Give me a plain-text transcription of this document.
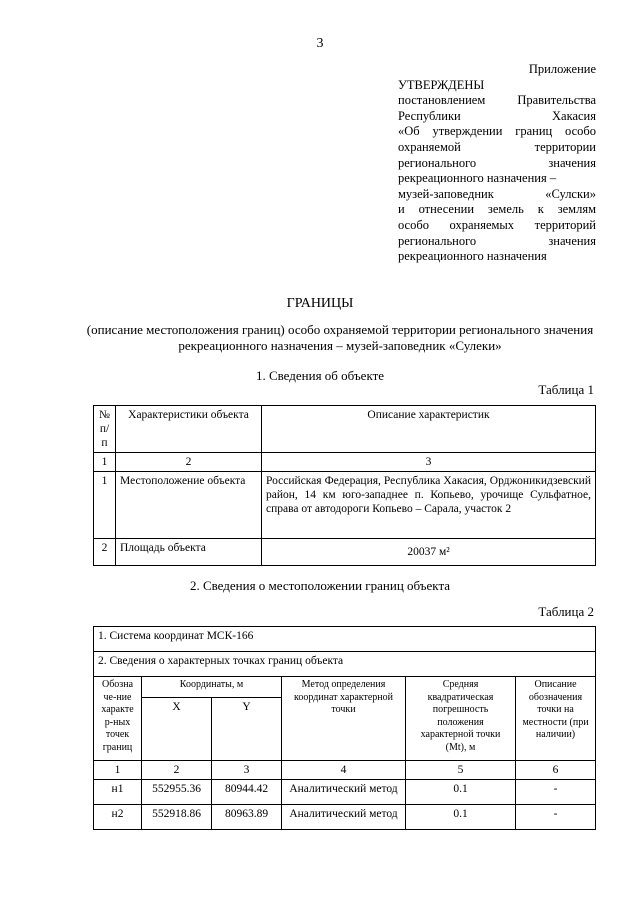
3
Приложение
УТВЕРЖДЕНЫ
постановлением Правительства
Республики Хакасия
«Об утверждении границ особо
охраняемой территории
регионального значения
рекреационного назначения –
музей-заповедник «Сулски»
и отнесении земель к землям
особо охраняемых территорий
регионального значения
рекреационного назначения
ГРАНИЦЫ
(описание местоположения границ) особо охраняемой территории регионального значения рекреационного назначения – музей-заповедник «Сулеки»
1. Сведения об объекте
Таблица 1
№ п/п	Характеристики объекта	Описание характеристик
1	2	3
1	Местоположение объекта	Российская Федерация, Республика Хакасия, Орджоникидзевский район, 14 км юго-западнее п. Копьево, урочище Сульфатное, справа от автодороги Копьево – Сарала, участок 2
2	Площадь объекта	20037 м²
2. Сведения о местоположении границ объекта
Таблица 2
1. Система координат МСК-166					
2. Сведения о характерных точках границ объекта					
Обозна че-ние характе р-ных точек границ	Координаты, м		Метод определения координат характерной точки	Средняя квадратическая погрешность положения характерной точки (Mt), м	Описание обозначения точки на местности (при наличии)
	X	Y			
1	2	3	4	5	6
н1	552955.36	80944.42	Аналитический метод	0.1	-
н2	552918.86	80963.89	Аналитический метод	0.1	-
